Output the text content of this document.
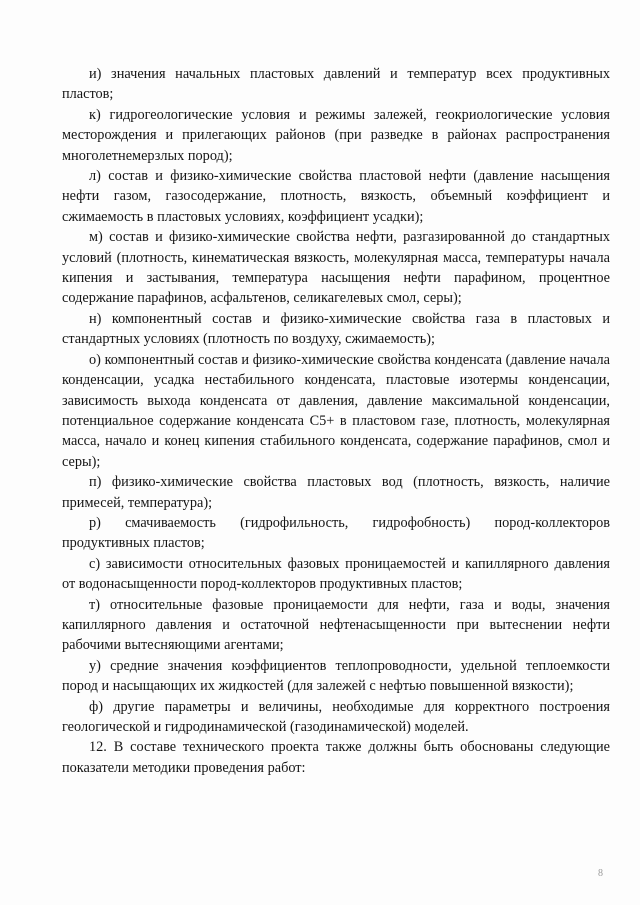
и) значения начальных пластовых давлений и температур всех продуктивных пластов;

к) гидрогеологические условия и режимы залежей, геокриологические условия месторождения и прилегающих районов (при разведке в районах распространения многолетнемерзлых пород);

л) состав и физико-химические свойства пластовой нефти (давление насыщения нефти газом, газосодержание, плотность, вязкость, объемный коэффициент и сжимаемость в пластовых условиях, коэффициент усадки);

м) состав и физико-химические свойства нефти, разгазированной до стандартных условий (плотность, кинематическая вязкость, молекулярная масса, температуры начала кипения и застывания, температура насыщения нефти парафином, процентное содержание парафинов, асфальтенов, селикагелевых смол, серы);

н) компонентный состав и физико-химические свойства газа в пластовых и стандартных условиях (плотность по воздуху, сжимаемость);

о) компонентный состав и физико-химические свойства конденсата (давление начала конденсации, усадка нестабильного конденсата, пластовые изотермы конденсации, зависимость выхода конденсата от давления, давление максимальной конденсации, потенциальное содержание конденсата С5+ в пластовом газе, плотность, молекулярная масса, начало и конец кипения стабильного конденсата, содержание парафинов, смол и серы);

п) физико-химические свойства пластовых вод (плотность, вязкость, наличие примесей, температура);

р) смачиваемость (гидрофильность, гидрофобность) пород-коллекторов продуктивных пластов;

с) зависимости относительных фазовых проницаемостей и капиллярного давления от водонасыщенности пород-коллекторов продуктивных пластов;

т) относительные фазовые проницаемости для нефти, газа и воды, значения капиллярного давления и остаточной нефтенасыщенности при вытеснении нефти рабочими вытесняющими агентами;

у) средние значения коэффициентов теплопроводности, удельной теплоемкости пород и насыщающих их жидкостей (для залежей с нефтью повышенной вязкости);

ф) другие параметры и величины, необходимые для корректного построения геологической и гидродинамической (газодинамической) моделей.

12. В составе технического проекта также должны быть обоснованы следующие показатели методики проведения работ:

8
